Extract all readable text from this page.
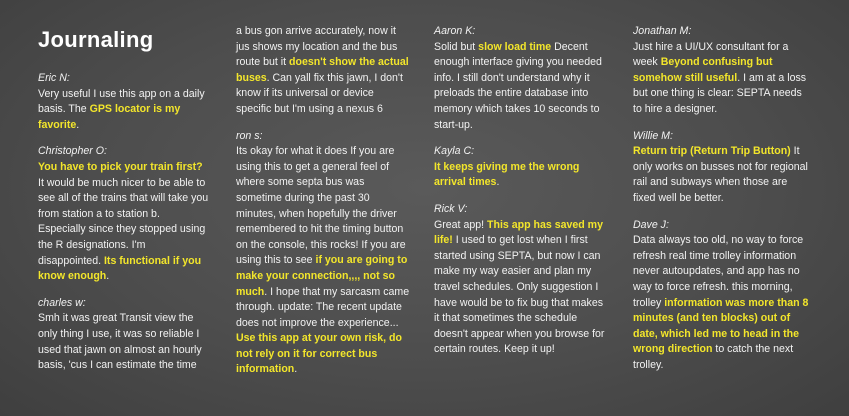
Journaling
Eric N:
Very useful I use this app on a daily basis. The GPS locator is my favorite.
Christopher O:
You have to pick your train first? It would be much nicer to be able to see all of the trains that will take you from station a to station b. Especially since they stopped using the R designations. I'm disappointed. Its functional if you know enough.
charles w:
Smh it was great Transit view the only thing I use, it was so reliable I used that jawn on almost an hourly basis, 'cus I can estimate the time
a bus gon arrive accurately, now it jus shows my location and the bus route but it doesn't show the actual buses. Can yall fix this jawn, I don't know if its universal or device specific but I'm using a nexus 6
ron s:
Its okay for what it does If you are using this to get a general feel of where some septa bus was sometime during the past 30 minutes, when hopefully the driver remembered to hit the timing button on the console, this rocks! If you are using this to see if you are going to make your connection,,,, not so much. I hope that my sarcasm came through. update: The recent update does not improve the experience... Use this app at your own risk, do not rely on it for correct bus information.
Aaron K:
Solid but slow load time Decent enough interface giving you needed info. I still don't understand why it preloads the entire database into memory which takes 10 seconds to start-up.
Kayla C:
It keeps giving me the wrong arrival times.
Rick V:
Great app! This app has saved my life! I used to get lost when I first started using SEPTA, but now I can make my way easier and plan my travel schedules. Only suggestion I have would be to fix bug that makes it that sometimes the schedule doesn't appear when you browse for certain routes. Keep it up!
Jonathan M:
Just hire a UI/UX consultant for a week Beyond confusing but somehow still useful. I am at a loss but one thing is clear: SEPTA needs to hire a designer.
Willie M:
Return trip (Return Trip Button) It only works on busses not for regional rail and subways when those are fixed well be better.
Dave J:
Data always too old, no way to force refresh real time trolley information never autoupdates, and app has no way to force refresh. this morning, trolley information was more than 8 minutes (and ten blocks) out of date, which led me to head in the wrong direction to catch the next trolley.
